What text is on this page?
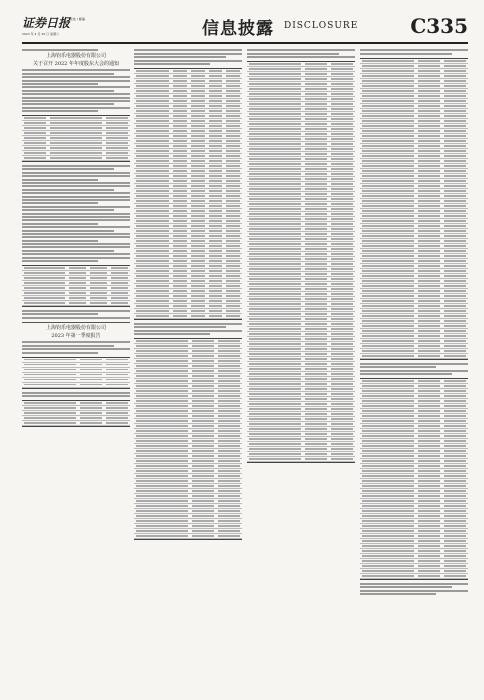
证券日报 社址 / 邮编
2023 年 4 月 29 日 星期六	信息披露 DISCLOSURE	C335
上海钧乐电器股份有限公司
关于召开 2022 年年度股东大会的通知
上海钧乐电器股份有限公司
2023 年第一季度报告
